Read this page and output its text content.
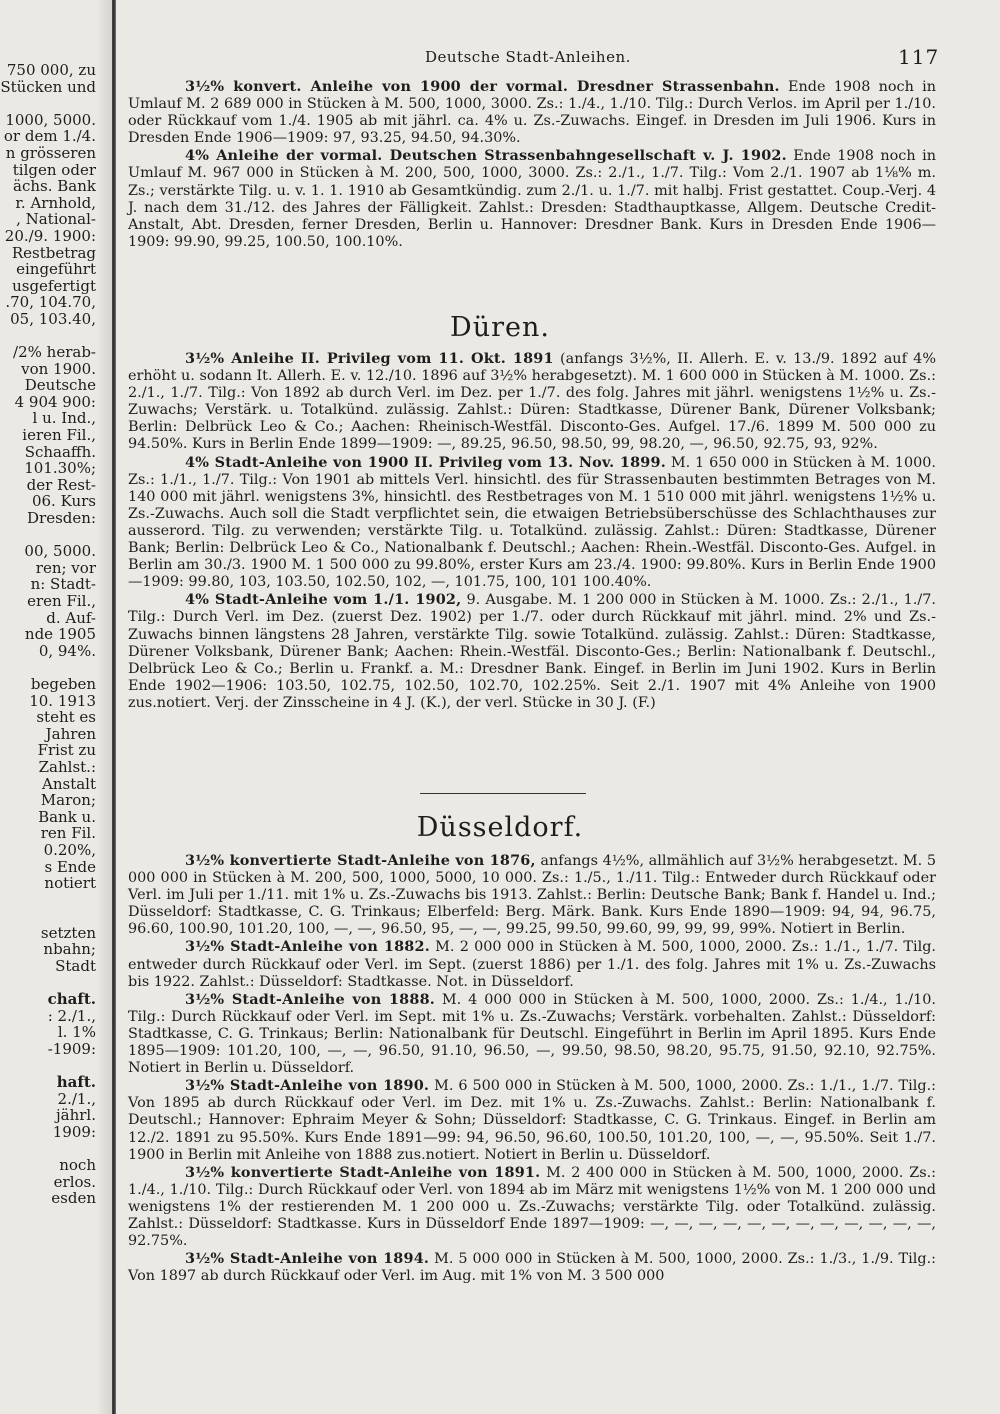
750 000, zu
Stücken und
1000, 5000.
or dem 1./4.
n grösseren
tilgen oder
ächs. Bank
r. Arnhold,
, National-
20./9. 1900:
Restbetrag
eingeführt
usgefertigt
.70, 104.70,
05, 103.40,
/2% herab-
von 1900.
Deutsche
4 904 900:
l u. Ind.,
ieren Fil.,
Schaaffh.
101.30%;
der Rest-
06. Kurs
Dresden:
00, 5000.
ren; vor
n: Stadt-
eren Fil.,
d. Auf-
nde 1905
0, 94%.
begeben
10. 1913
steht es
Jahren
Frist zu
Zahlst.:
Anstalt
Maron;
Bank u.
ren Fil.
0.20%,
s Ende
notiert
setzten
nbahn;
Stadt
chaft.
: 2./1.,
l. 1%
-1909:
haft.
2./1.,
jährl.
1909:
noch
erlos.
esden
Deutsche Stadt-Anleihen.	117

3½% konvert. Anleihe von 1900 der vormal. Dresdner Strassenbahn. Ende 1908 noch in Umlauf M. 2 689 000 in Stücken à M. 500, 1000, 3000. Zs.: 1./4., 1./10. Tilg.: Durch Verlos. im April per 1./10. oder Rückkauf vom 1./4. 1905 ab mit jährl. ca. 4% u. Zs.-Zuwachs. Eingef. in Dresden im Juli 1906. Kurs in Dresden Ende 1906—1909: 97, 93.25, 94.50, 94.30%.

4% Anleihe der vormal. Deutschen Strassenbahngesellschaft v. J. 1902. Ende 1908 noch in Umlauf M. 967 000 in Stücken à M. 200, 500, 1000, 3000. Zs.: 2./1., 1./7. Tilg.: Vom 2./1. 1907 ab 1⅛% m. Zs.; verstärkte Tilg. u. v. 1. 1. 1910 ab Gesamtkündig. zum 2./1. u. 1./7. mit halbj. Frist gestattet. Coup.-Verj. 4 J. nach dem 31./12. des Jahres der Fälligkeit. Zahlst.: Dresden: Stadthauptkasse, Allgem. Deutsche Credit-Anstalt, Abt. Dresden, ferner Dresden, Berlin u. Hannover: Dresdner Bank. Kurs in Dresden Ende 1906—1909: 99.90, 99.25, 100.50, 100.10%.

Düren.

3½% Anleihe II. Privileg vom 11. Okt. 1891 (anfangs 3½%, II. Allerh. E. v. 13./9. 1892 auf 4% erhöht u. sodann It. Allerh. E. v. 12./10. 1896 auf 3½% herabgesetzt). M. 1 600 000 in Stücken à M. 1000. Zs.: 2./1., 1./7. Tilg.: Von 1892 ab durch Verl. im Dez. per 1./7. des folg. Jahres mit jährl. wenigstens 1½% u. Zs.-Zuwachs; Verstärk. u. Totalkünd. zulässig. Zahlst.: Düren: Stadtkasse, Dürener Bank, Dürener Volksbank; Berlin: Delbrück Leo & Co.; Aachen: Rheinisch-Westfäl. Disconto-Ges. Aufgel. 17./6. 1899 M. 500 000 zu 94.50%. Kurs in Berlin Ende 1899—1909: —, 89.25, 96.50, 98.50, 99, 98.20, —, 96.50, 92.75, 93, 92%.

4% Stadt-Anleihe von 1900 II. Privileg vom 13. Nov. 1899. M. 1 650 000 in Stücken à M. 1000. Zs.: 1./1., 1./7. Tilg.: Von 1901 ab mittels Verl. hinsichtl. des für Strassenbauten bestimmten Betrages von M. 140 000 mit jährl. wenigstens 3%, hinsichtl. des Restbetrages von M. 1 510 000 mit jährl. wenigstens 1½% u. Zs.-Zuwachs. Auch soll die Stadt verpflichtet sein, die etwaigen Betriebsüberschüsse des Schlachthauses zur ausserord. Tilg. zu verwenden; verstärkte Tilg. u. Totalkünd. zulässig. Zahlst.: Düren: Stadtkasse, Dürener Bank; Berlin: Delbrück Leo & Co., Nationalbank f. Deutschl.; Aachen: Rhein.-Westfäl. Disconto-Ges. Aufgel. in Berlin am 30./3. 1900 M. 1 500 000 zu 99.80%, erster Kurs am 23./4. 1900: 99.80%. Kurs in Berlin Ende 1900—1909: 99.80, 103, 103.50, 102.50, 102, —, 101.75, 100, 101 100.40%.

4% Stadt-Anleihe vom 1./1. 1902, 9. Ausgabe. M. 1 200 000 in Stücken à M. 1000. Zs.: 2./1., 1./7. Tilg.: Durch Verl. im Dez. (zuerst Dez. 1902) per 1./7. oder durch Rückkauf mit jährl. mind. 2% und Zs.-Zuwachs binnen längstens 28 Jahren, verstärkte Tilg. sowie Totalkünd. zulässig. Zahlst.: Düren: Stadtkasse, Dürener Volksbank, Dürener Bank; Aachen: Rhein.-Westfäl. Disconto-Ges.; Berlin: Nationalbank f. Deutschl., Delbrück Leo & Co.; Berlin u. Frankf. a. M.: Dresdner Bank. Eingef. in Berlin im Juni 1902. Kurs in Berlin Ende 1902—1906: 103.50, 102.75, 102.50, 102.70, 102.25%. Seit 2./1. 1907 mit 4% Anleihe von 1900 zus.notiert. Verj. der Zinsscheine in 4 J. (K.), der verl. Stücke in 30 J. (F.)

Düsseldorf.

3½% konvertierte Stadt-Anleihe von 1876, anfangs 4½%, allmählich auf 3½% herabgesetzt. M. 5 000 000 in Stücken à M. 200, 500, 1000, 5000, 10 000. Zs.: 1./5., 1./11. Tilg.: Entweder durch Rückkauf oder Verl. im Juli per 1./11. mit 1% u. Zs.-Zuwachs bis 1913. Zahlst.: Berlin: Deutsche Bank; Bank f. Handel u. Ind.; Düsseldorf: Stadtkasse, C. G. Trinkaus; Elberfeld: Berg. Märk. Bank. Kurs Ende 1890—1909: 94, 94, 96.75, 96.60, 100.90, 101.20, 100, —, —, 96.50, 95, —, —, 99.25, 99.50, 99.60, 99, 99, 99, 99%. Notiert in Berlin.

3½% Stadt-Anleihe von 1882. M. 2 000 000 in Stücken à M. 500, 1000, 2000. Zs.: 1./1., 1./7. Tilg. entweder durch Rückkauf oder Verl. im Sept. (zuerst 1886) per 1./1. des folg. Jahres mit 1% u. Zs.-Zuwachs bis 1922. Zahlst.: Düsseldorf: Stadtkasse. Not. in Düsseldorf.

3½% Stadt-Anleihe von 1888. M. 4 000 000 in Stücken à M. 500, 1000, 2000. Zs.: 1./4., 1./10. Tilg.: Durch Rückkauf oder Verl. im Sept. mit 1% u. Zs.-Zuwachs; Verstärk. vorbehalten. Zahlst.: Düsseldorf: Stadtkasse, C. G. Trinkaus; Berlin: Nationalbank für Deutschl. Eingeführt in Berlin im April 1895. Kurs Ende 1895—1909: 101.20, 100, —, —, 96.50, 91.10, 96.50, —, 99.50, 98.50, 98.20, 95.75, 91.50, 92.10, 92.75%. Notiert in Berlin u. Düsseldorf.

3½% Stadt-Anleihe von 1890. M. 6 500 000 in Stücken à M. 500, 1000, 2000. Zs.: 1./1., 1./7. Tilg.: Von 1895 ab durch Rückkauf oder Verl. im Dez. mit 1% u. Zs.-Zuwachs. Zahlst.: Berlin: Nationalbank f. Deutschl.; Hannover: Ephraim Meyer & Sohn; Düsseldorf: Stadtkasse, C. G. Trinkaus. Eingef. in Berlin am 12./2. 1891 zu 95.50%. Kurs Ende 1891—99: 94, 96.50, 96.60, 100.50, 101.20, 100, —, —, 95.50%. Seit 1./7. 1900 in Berlin mit Anleihe von 1888 zus.notiert. Notiert in Berlin u. Düsseldorf.

3½% konvertierte Stadt-Anleihe von 1891. M. 2 400 000 in Stücken à M. 500, 1000, 2000. Zs.: 1./4., 1./10. Tilg.: Durch Rückkauf oder Verl. von 1894 ab im März mit wenigstens 1½% von M. 1 200 000 und wenigstens 1% der restierenden M. 1 200 000 u. Zs.-Zuwachs; verstärkte Tilg. oder Totalkünd. zulässig. Zahlst.: Düsseldorf: Stadtkasse. Kurs in Düsseldorf Ende 1897—1909: —, —, —, —, —, —, —, —, —, —, —, —, 92.75%.

3½% Stadt-Anleihe von 1894. M. 5 000 000 in Stücken à M. 500, 1000, 2000. Zs.: 1./3., 1./9. Tilg.: Von 1897 ab durch Rückkauf oder Verl. im Aug. mit 1% von M. 3 500 000
